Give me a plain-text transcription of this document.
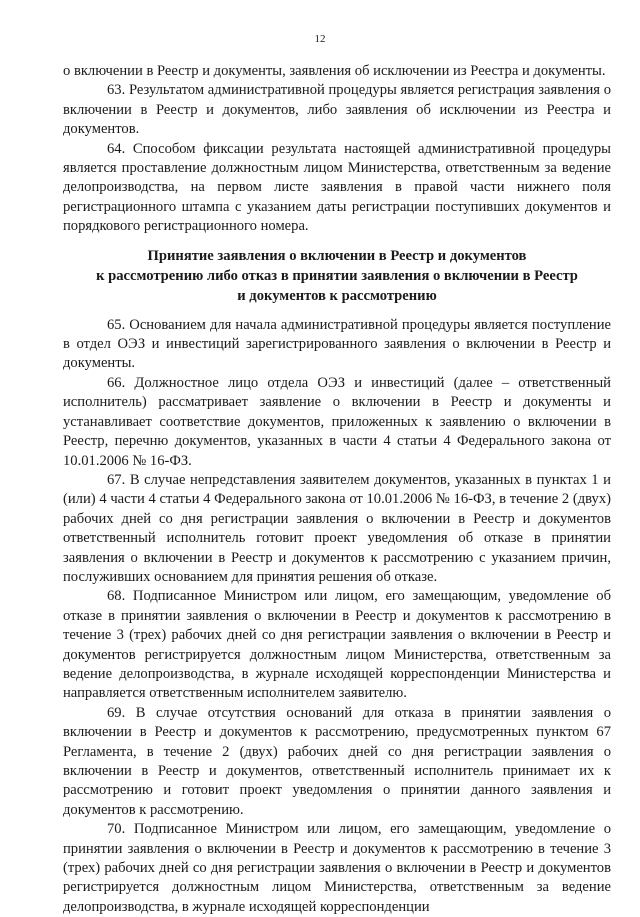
12

о включении в Реестр и документы, заявления об исключении из Реестра и документы.

63. Результатом административной процедуры является регистрация заявления о включении в Реестр и документов, либо заявления об исключении из Реестра и документов.

64. Способом фиксации результата настоящей административной процедуры является проставление должностным лицом Министерства, ответственным за ведение делопроизводства, на первом листе заявления в правой части нижнего поля регистрационного штампа с указанием даты регистрации поступивших документов и порядкового регистрационного номера.

Принятие заявления о включении в Реестр и документов
к рассмотрению либо отказ в принятии заявления о включении в Реестр
и документов к рассмотрению

65. Основанием для начала административной процедуры является поступление в отдел ОЭЗ и инвестиций зарегистрированного заявления о включении в Реестр и документы.

66. Должностное лицо отдела ОЭЗ и инвестиций (далее – ответственный исполнитель) рассматривает заявление о включении в Реестр и документы и устанавливает соответствие документов, приложенных к заявлению о включении в Реестр, перечню документов, указанных в части 4 статьи 4 Федерального закона от 10.01.2006 № 16-ФЗ.

67. В случае непредставления заявителем документов, указанных в пунктах 1 и (или) 4 части 4 статьи 4 Федерального закона от 10.01.2006 № 16-ФЗ, в течение 2 (двух) рабочих дней со дня регистрации заявления о включении в Реестр и документов ответственный исполнитель готовит проект уведомления об отказе в принятии заявления о включении в Реестр и документов к рассмотрению с указанием причин, послуживших основанием для принятия решения об отказе.

68. Подписанное Министром или лицом, его замещающим, уведомление об отказе в принятии заявления о включении в Реестр и документов к рассмотрению в течение 3 (трех) рабочих дней со дня регистрации заявления о включении в Реестр и документов регистрируется должностным лицом Министерства, ответственным за ведение делопроизводства, в журнале исходящей корреспонденции Министерства и направляется ответственным исполнителем заявителю.

69. В случае отсутствия оснований для отказа в принятии заявления о включении в Реестр и документов к рассмотрению, предусмотренных пунктом 67 Регламента, в течение 2 (двух) рабочих дней со дня регистрации заявления о включении в Реестр и документов, ответственный исполнитель принимает их к рассмотрению и готовит проект уведомления о принятии данного заявления и документов к рассмотрению.

70. Подписанное Министром или лицом, его замещающим, уведомление о принятии заявления о включении в Реестр и документов к рассмотрению в течение 3 (трех) рабочих дней со дня регистрации заявления о включении в Реестр и документов регистрируется должностным лицом Министерства, ответственным за ведение делопроизводства, в журнале исходящей корреспонденции
